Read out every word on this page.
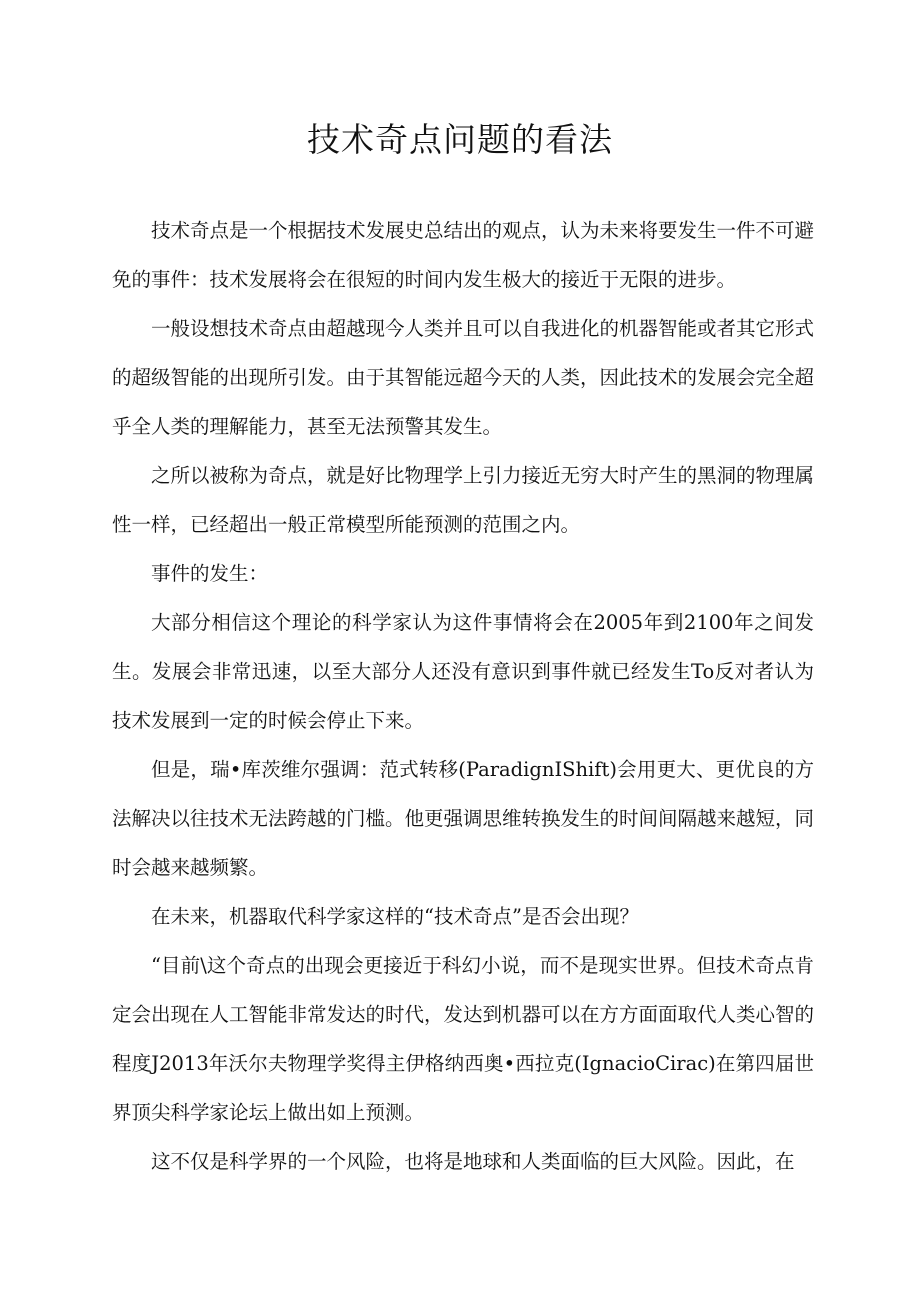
技术奇点问题的看法

技术奇点是一个根据技术发展史总结出的观点，认为未来将要发生一件不可避免的事件：技术发展将会在很短的时间内发生极大的接近于无限的进步。

一般设想技术奇点由超越现今人类并且可以自我进化的机器智能或者其它形式的超级智能的出现所引发。由于其智能远超今天的人类，因此技术的发展会完全超乎全人类的理解能力，甚至无法预警其发生。

之所以被称为奇点，就是好比物理学上引力接近无穷大时产生的黑洞的物理属性一样，已经超出一般正常模型所能预测的范围之内。

事件的发生：

大部分相信这个理论的科学家认为这件事情将会在2005年到2100年之间发生。发展会非常迅速，以至大部分人还没有意识到事件就已经发生To反对者认为技术发展到一定的时候会停止下来。

但是，瑞•库茨维尔强调：范式转移(ParadignIShift)会用更大、更优良的方法解决以往技术无法跨越的门槛。他更强调思维转换发生的时间间隔越来越短，同时会越来越频繁。

在未来，机器取代科学家这样的“技术奇点”是否会出现？

“目前\这个奇点的出现会更接近于科幻小说，而不是现实世界。但技术奇点肯定会出现在人工智能非常发达的时代，发达到机器可以在方方面面取代人类心智的程度J2013年沃尔夫物理学奖得主伊格纳西奥•西拉克(IgnacioCirac)在第四届世界顶尖科学家论坛上做出如上预测。

这不仅是科学界的一个风险，也将是地球和人类面临的巨大风险。因此，在
